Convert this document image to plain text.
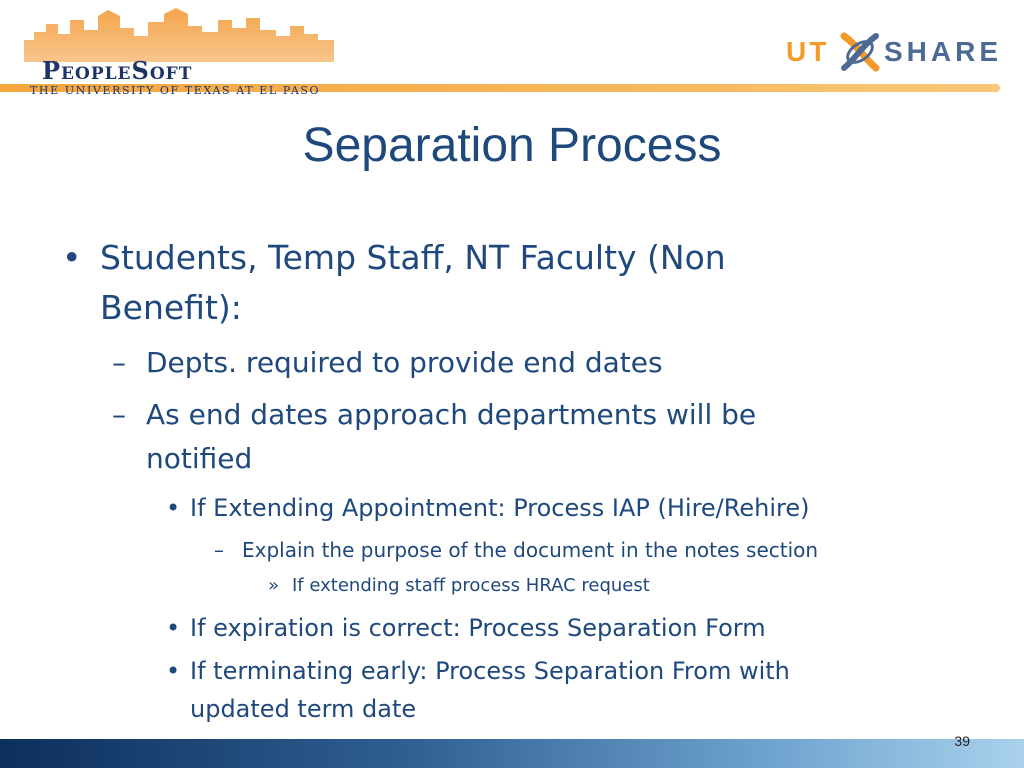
PeopleSoft
THE UNIVERSITY OF TEXAS AT EL PASO
UT SHARE
Separation Process
• Students, Temp Staff, NT Faculty (Non
Benefit):
– Depts. required to provide end dates
– As end dates approach departments will be
notified
• If Extending Appointment: Process IAP (Hire/Rehire)
– Explain the purpose of the document in the notes section
» If extending staff process HRAC request
• If expiration is correct: Process Separation Form
• If terminating early: Process Separation From with
updated term date
39
